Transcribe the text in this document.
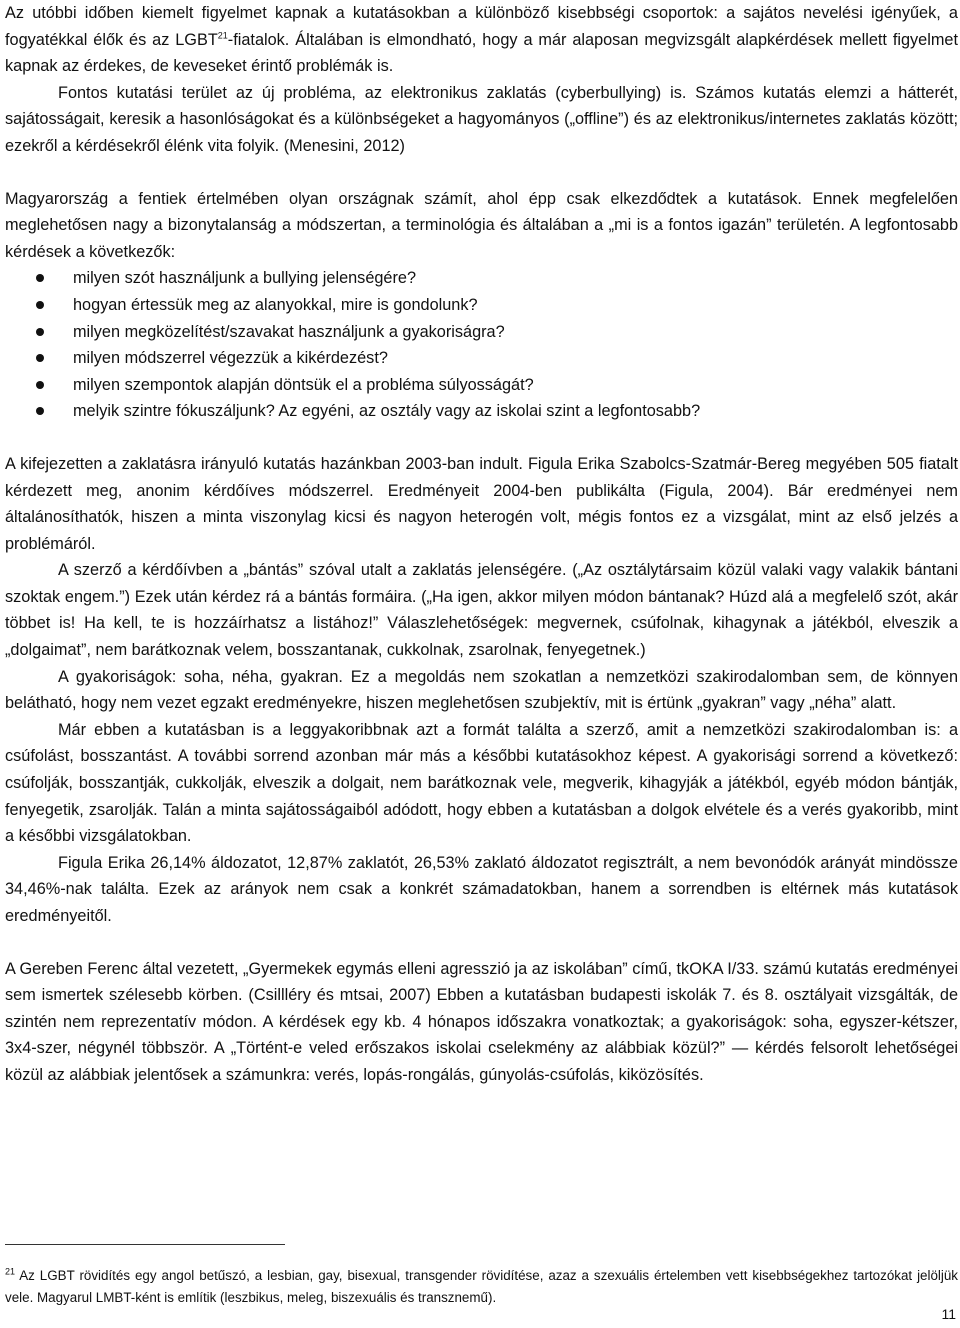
Az utóbbi időben kiemelt figyelmet kapnak a kutatásokban a különböző kisebbségi csoportok: a sajátos nevelési igényűek, a fogyatékkal élők és az LGBT$^{21}$-fiatalok. Általában is elmondható, hogy a már alaposan megvizsgált alapkérdések mellett figyelmet kapnak az érdekes, de keveseket érintő problémák is.

Fontos kutatási terület az új probléma, az elektronikus zaklatás (cyberbullying) is. Számos kutatás elemzi a hátterét, sajátosságait, keresik a hasonlóságokat és a különbségeket a hagyományos („offline”) és az elektronikus/internetes zaklatás között; ezekről a kérdésekről élénk vita folyik. (Menesini, 2012)

Magyarország a fentiek értelmében olyan országnak számít, ahol épp csak elkezdődtek a kutatások. Ennek megfelelően meglehetősen nagy a bizonytalanság a módszertan, a terminológia és általában a „mi is a fontos igazán” területén. A legfontosabb kérdések a következők:

milyen szót használjunk a bullying jelenségére?
hogyan értessük meg az alanyokkal, mire is gondolunk?
milyen megközelítést/szavakat használjunk a gyakoriságra?
milyen módszerrel végezzük a kikérdezést?
milyen szempontok alapján döntsük el a probléma súlyosságát?
melyik szintre fókuszáljunk? Az egyéni, az osztály vagy az iskolai szint a legfontosabb?

A kifejezetten a zaklatásra irányuló kutatás hazánkban 2003-ban indult. Figula Erika Szabolcs-Szatmár-Bereg megyében 505 fiatalt kérdezett meg, anonim kérdőíves módszerrel. Eredményeit 2004-ben publikálta (Figula, 2004). Bár eredményei nem általánosíthatók, hiszen a minta viszonylag kicsi és nagyon heterogén volt, mégis fontos ez a vizsgálat, mint az első jelzés a problémáról.

A szerző a kérdőívben a „bántás” szóval utalt a zaklatás jelenségére. („Az osztálytársaim közül valaki vagy valakik bántani szoktak engem.”) Ezek után kérdez rá a bántás formáira. („Ha igen, akkor milyen módon bántanak? Húzd alá a megfelelő szót, akár többet is! Ha kell, te is hozzáírhatsz a listához!” Válaszlehetőségek: megvernek, csúfolnak, kihagynak a játékból, elveszik a „dolgaimat”, nem barátkoznak velem, bosszantanak, cukkolnak, zsarolnak, fenyegetnek.)

A gyakoriságok: soha, néha, gyakran. Ez a megoldás nem szokatlan a nemzetközi szakirodalomban sem, de könnyen belátható, hogy nem vezet egzakt eredményekre, hiszen meglehetősen szubjektív, mit is értünk „gyakran” vagy „néha” alatt.

Már ebben a kutatásban is a leggyakoribbnak azt a formát találta a szerző, amit a nemzetközi szakirodalomban is: a csúfolást, bosszantást. A további sorrend azonban már más a későbbi kutatásokhoz képest. A gyakorisági sorrend a következő: csúfolják, bosszantják, cukkolják, elveszik a dolgait, nem barátkoznak vele, megverik, kihagyják a játékból, egyéb módon bántják, fenyegetik, zsarolják. Talán a minta sajátosságaiból adódott, hogy ebben a kutatásban a dolgok elvétele és a verés gyakoribb, mint a későbbi vizsgálatokban.

Figula Erika 26,14% áldozatot, 12,87% zaklatót, 26,53% zaklató áldozatot regisztrált, a nem bevonódók arányát mindössze 34,46%-nak találta. Ezek az arányok nem csak a konkrét számadatokban, hanem a sorrendben is eltérnek más kutatások eredményeitől.

A Gereben Ferenc által vezetett, „Gyermekek egymás elleni agresszió ja az iskolában” című, tkOKA I/33. számú kutatás eredményei sem ismertek szélesebb körben. (Csillléry és mtsai, 2007) Ebben a kutatásban budapesti iskolák 7. és 8. osztályait vizsgálták, de szintén nem reprezentatív módon. A kérdések egy kb. 4 hónapos időszakra vonatkoztak; a gyakoriságok: soha, egyszer-kétszer, 3x4-szer, négynél többször. A „Történt-e veled erőszakos iskolai cselekmény az alábbiak közül?” — kérdés felsorolt lehetőségei közül az alábbiak jelentősek a számunkra: verés, lopás-rongálás, gúnyolás-csúfolás, kiközösítés.

$^{21}$ Az LGBT rövidítés egy angol betűszó, a lesbian, gay, bisexual, transgender rövidítése, azaz a szexuális értelemben vett kisebbségekhez tartozókat jelöljük vele. Magyarul LMBT-ként is említik (leszbikus, meleg, biszexuális és transznemű).
11
